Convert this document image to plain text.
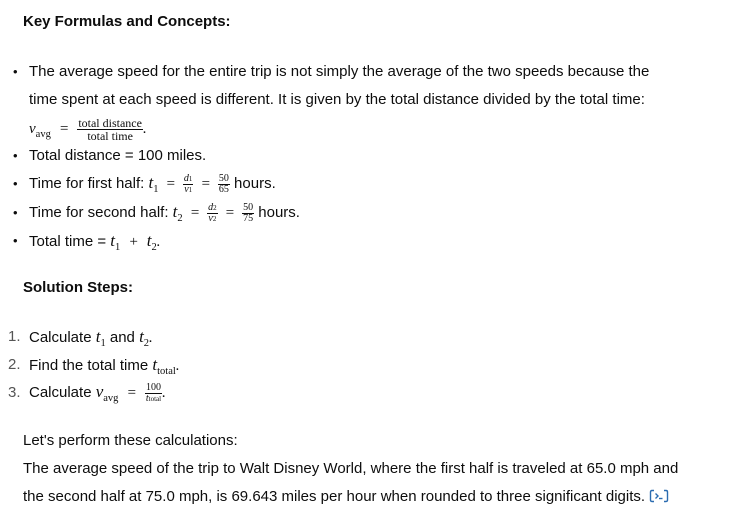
Key Formulas and Concepts:
• The average speed for the entire trip is not simply the average of the two speeds because the
time spent at each speed is different. It is given by the total distance divided by the total time:
$v_{avg} = \frac{\text{total distance}}{\text{total time}}$ .
• Total distance = 100 miles.
• Time for first half: $t_1 = \frac{d1}{v1} = \frac{50}{65}$ hours.
• Time for second half: $t_2 = \frac{d2}{v2} = \frac{50}{75}$ hours.
• Total time = $t_1 + t_2$.
Solution Steps:
1. Calculate $t_1$ and $t_2$.
2. Find the total time $t_{total}$.
3. Calculate $v_{avg} = \frac{100}{\text{ttotal}}$ .
Let's perform these calculations:
The average speed of the trip to Walt Disney World, where the first half is traveled at 65.0 mph and
the second half at 75.0 mph, is 69.643 miles per hour when rounded to three significant digits.
